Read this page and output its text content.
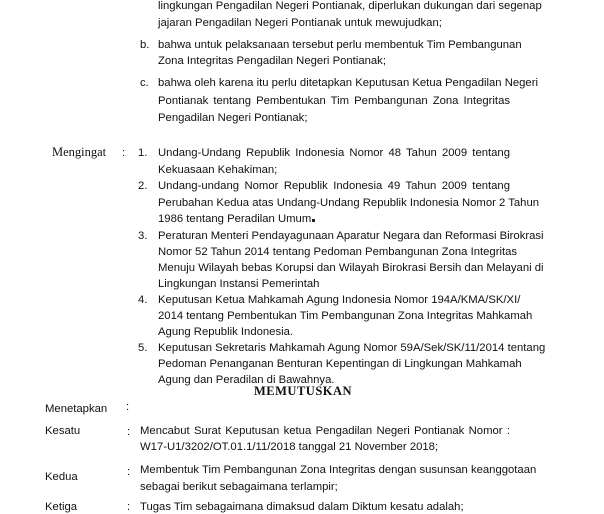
lingkungan Pengadilan Negeri Pontianak, diperlukan dukungan dari segenap
jajaran Pengadilan Negeri Pontianak untuk mewujudkan;
b. bahwa untuk pelaksanaan tersebut perlu membentuk Tim Pembangunan
Zona Integritas Pengadilan Negeri Pontianak;
c. bahwa oleh karena itu perlu ditetapkan Keputusan Ketua Pengadilan Negeri
Pontianak tentang Pembentukan Tim Pembangunan Zona Integritas
Pengadilan Negeri Pontianak;
Mengingat : 1. Undang-Undang Republik Indonesia Nomor 48 Tahun 2009 tentang
Kekuasaan Kehakiman;
2. Undang-undang Nomor Republik Indonesia 49 Tahun 2009 tentang
Perubahan Kedua atas Undang-Undang Republik Indonesia Nomor 2 Tahun
1986 tentang Peradilan Umum
3. Peraturan Menteri Pendayagunaan Aparatur Negara dan Reformasi Birokrasi
Nomor 52 Tahun 2014 tentang Pedoman Pembangunan Zona Integritas
Menuju Wilayah bebas Korupsi dan Wilayah Birokrasi Bersih dan Melayani di
Lingkungan Instansi Pemerintah
4. Keputusan Ketua Mahkamah Agung Indonesia Nomor 194A/KMA/SK/XI/
2014 tentang Pembentukan Tim Pembangunan Zona Integritas Mahkamah
Agung Republik Indonesia.
5. Keputusan Sekretaris Mahkamah Agung Nomor 59A/Sek/SK/11/2014 tentang
Pedoman Penanganan Benturan Kepentingan di Lingkungan Mahkamah
Agung dan Peradilan di Bawahnya.
MEMUTUSKAN
Menetapkan :
Kesatu	: Mencabut Surat Keputusan ketua Pengadilan Negeri Pontianak Nomor :
W17-U1/3202/OT.01.1/11/2018 tanggal 21 November 2018;
Kedua	: Membentuk Tim Pembangunan Zona Integritas dengan susunsan keanggotaan
sebagai berikut sebagaimana terlampir;
Ketiga	: Tugas Tim sebagaimana dimaksud dalam Diktum kesatu adalah;
